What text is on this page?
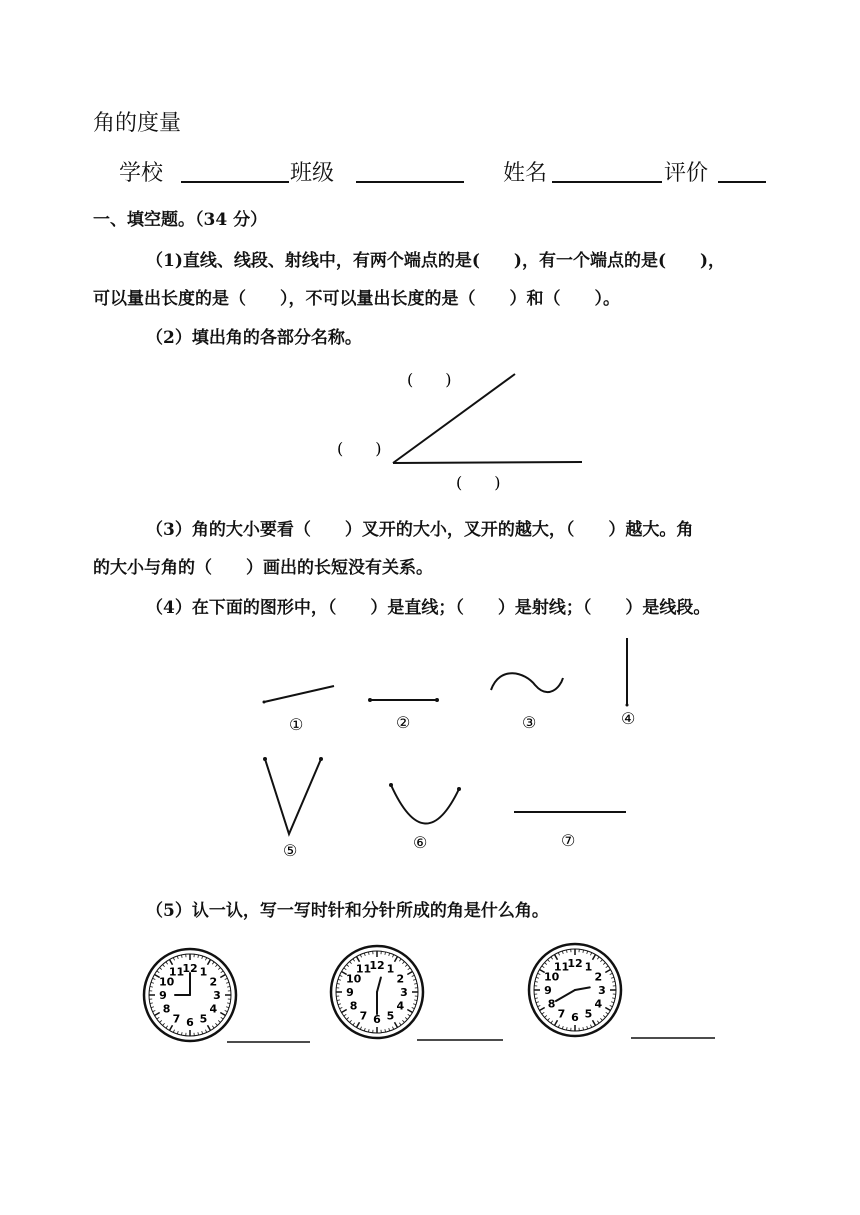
角的度量
学校	班级	姓名	评价
一、填空题。（34 分）
（1)直线、线段、射线中，有两个端点的是(　　)，有一个端点的是(　　)，
可以量出长度的是（　　），不可以量出长度的是（　　）和（　　）。
（2）填出角的各部分名称。
（3）角的大小要看（　　）叉开的大小，叉开的越大，（　　）越大。角
的大小与角的（　　）画出的长短没有关系。
（4）在下面的图形中，（　　）是直线；（　　）是射线；（　　）是线段。
（5）认一认，写一写时针和分针所成的角是什么角。
(　　)
(　　)
(　　)
①	②	③	④
⑤	⑥	⑦
12 1
2
3
4
5
6
7
8
9
10
11
12 1
2
3
4
5
6
7
8
9
10
11	12 1
2
3
4
5
6
7
8
9
10
11
